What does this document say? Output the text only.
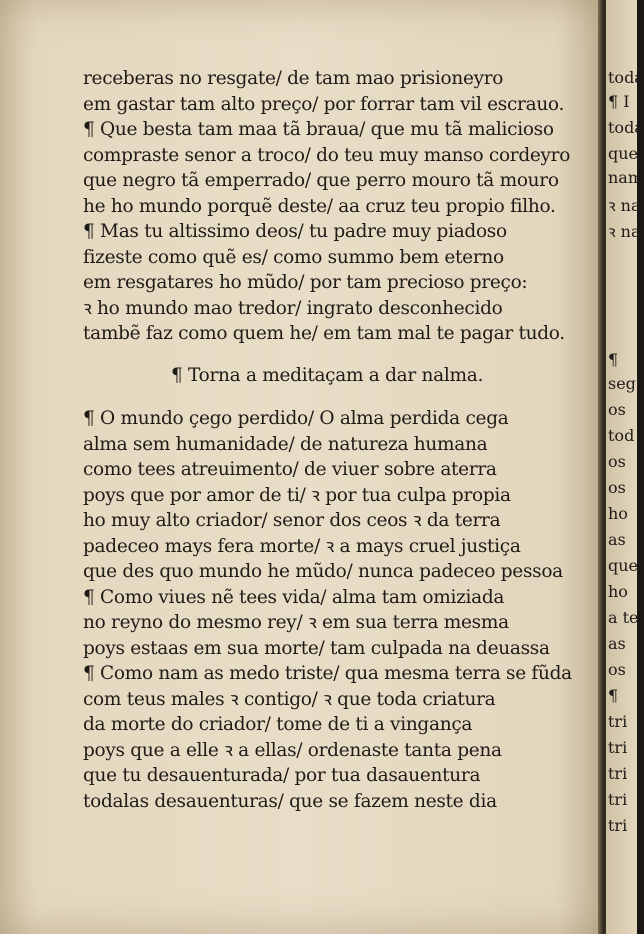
receberas no resgate/ de tam mao prisioneyro
em gastar tam alto preço/ por forrar tam vil escrauo.
¶ Que besta tam maa tã braua/ que mu tã malicioso
compraste senor a troco/ do teu muy manso cordeyro
que negro tã emperrado/ que perro mouro tã mouro
he ho mundo porquẽ deste/ aa cruz teu propio filho.
¶ Mas tu altissimo deos/ tu padre muy piadoso
fizeste como quẽ es/ como summo bem eterno
em resgatares ho mũdo/ por tam precioso preço:
ꝛ ho mundo mao tredor/ ingrato desconhecido
tambẽ faz como quem he/ em tam mal te pagar tudo.
¶ Torna a meditaçam a dar nalma.
¶ O mundo çego perdido/ O alma perdida cega
alma sem humanidade/ de natureza humana
como tees atreuimento/ de viuer sobre aterra
poys que por amor de ti/ ꝛ por tua culpa propia
ho muy alto criador/ senor dos ceos ꝛ da terra
padeceo mays fera morte/ ꝛ a mays cruel justiça
que des quo mundo he mũdo/ nunca padeceo pessoa
¶ Como viues nẽ tees vida/ alma tam omiziada
no reyno do mesmo rey/ ꝛ em sua terra mesma
poys estaas em sua morte/ tam culpada na deuassa
¶ Como nam as medo triste/ qua mesma terra se fũda
com teus males ꝛ contigo/ ꝛ que toda criatura
da morte do criador/ tome de ti a vingança
poys que a elle ꝛ a ellas/ ordenaste tanta pena
que tu desauenturada/ por tua dasauentura
todalas desauenturas/ que se fazem neste dia
toda
¶ I
toda
que
nam
ꝛ na
ꝛ na
¶
seg
os
tod
os
os
ho
as
que
ho
a te
as
os
¶
tri
tri
tri
tri
tri
